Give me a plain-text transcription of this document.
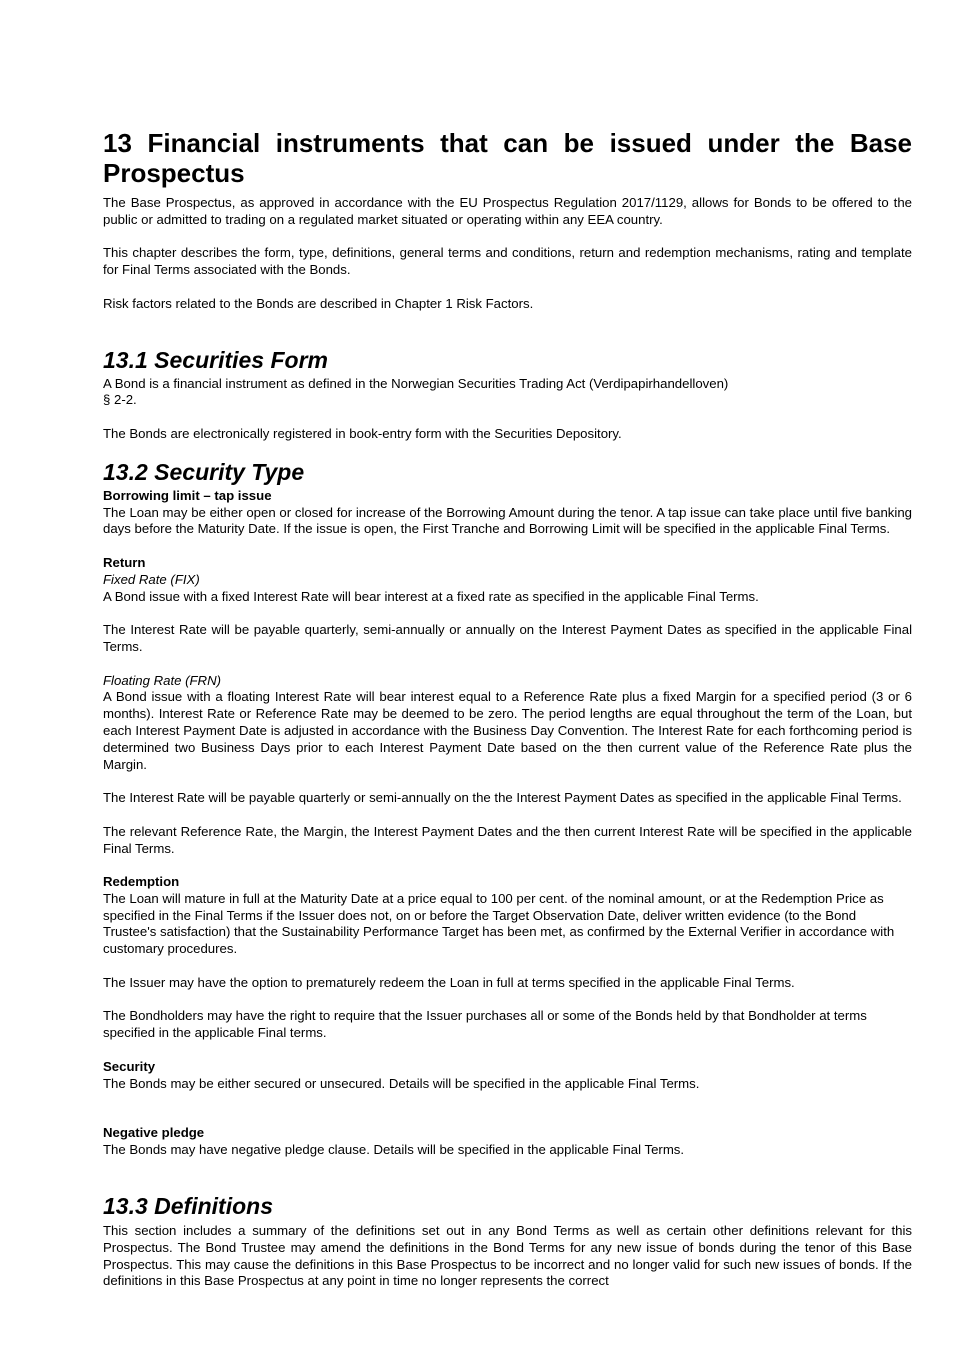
13 Financial instruments that can be issued under the Base Prospectus

The Base Prospectus, as approved in accordance with the EU Prospectus Regulation 2017/1129, allows for Bonds to be offered to the public or admitted to trading on a regulated market situated or operating within any EEA country.

This chapter describes the form, type, definitions, general terms and conditions, return and redemption mechanisms, rating and template for Final Terms associated with the Bonds.

Risk factors related to the Bonds are described in Chapter 1 Risk Factors.

13.1 Securities Form

A Bond is a financial instrument as defined in the Norwegian Securities Trading Act (Verdipapirhandelloven)
§ 2-2.

The Bonds are electronically registered in book-entry form with the Securities Depository.

13.2 Security Type
Borrowing limit – tap issue

The Loan may be either open or closed for increase of the Borrowing Amount during the tenor. A tap issue can take place until five banking days before the Maturity Date. If the issue is open, the First Tranche and Borrowing Limit will be specified in the applicable Final Terms.

Return
Fixed Rate (FIX)

A Bond issue with a fixed Interest Rate will bear interest at a fixed rate as specified in the applicable Final Terms.

The Interest Rate will be payable quarterly, semi-annually or annually on the Interest Payment Dates as specified in the applicable Final Terms.

Floating Rate (FRN)

A Bond issue with a floating Interest Rate will bear interest equal to a Reference Rate plus a fixed Margin for a specified period (3 or 6 months). Interest Rate or Reference Rate may be deemed to be zero. The period lengths are equal throughout the term of the Loan, but each Interest Payment Date is adjusted in accordance with the Business Day Convention. The Interest Rate for each forthcoming period is determined two Business Days prior to each Interest Payment Date based on the then current value of the Reference Rate plus the Margin.

The Interest Rate will be payable quarterly or semi-annually on the the Interest Payment Dates as specified in the applicable Final Terms.

The relevant Reference Rate, the Margin, the Interest Payment Dates and the then current Interest Rate will be specified in the applicable Final Terms.

Redemption

The Loan will mature in full at the Maturity Date at a price equal to 100 per cent. of the nominal amount, or at the Redemption Price as specified in the Final Terms if the Issuer does not, on or before the Target Observation Date, deliver written evidence (to the Bond Trustee's satisfaction) that the Sustainability Performance Target has been met, as confirmed by the External Verifier in accordance with customary procedures.

The Issuer may have the option to prematurely redeem the Loan in full at terms specified in the applicable Final Terms.

The Bondholders may have the right to require that the Issuer purchases all or some of the Bonds held by that Bondholder at terms specified in the applicable Final terms.

Security

The Bonds may be either secured or unsecured. Details will be specified in the applicable Final Terms.

Negative pledge

The Bonds may have negative pledge clause. Details will be specified in the applicable Final Terms.

13.3 Definitions

This section includes a summary of the definitions set out in any Bond Terms as well as certain other definitions relevant for this Prospectus. The Bond Trustee may amend the definitions in the Bond Terms for any new issue of bonds during the tenor of this Base Prospectus. This may cause the definitions in this Base Prospectus to be incorrect and no longer valid for such new issues of bonds. If the definitions in this Base Prospectus at any point in time no longer represents the correct
